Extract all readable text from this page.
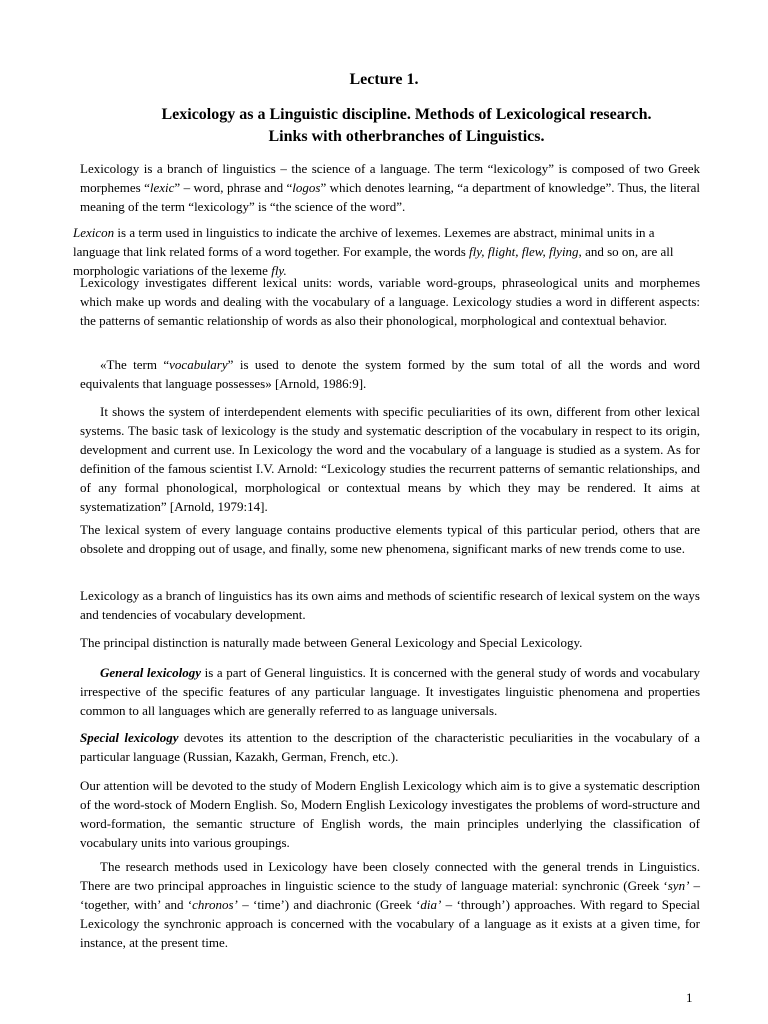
Lecture 1.
Lexicology as a Linguistic discipline. Methods of Lexicological research.
Links with otherbranches of Linguistics.

Lexicology is a branch of linguistics – the science of a language. The term “lexicology” is composed of two Greek morphemes “lexic” – word, phrase and “logos” which denotes learning, “a department of knowledge”. Thus, the literal meaning of the term “lexicology” is “the science of the word”.

Lexicon is a term used in linguistics to indicate the archive of lexemes. Lexemes are abstract, minimal units in a language that link related forms of a word together. For example, the words fly, flight, flew, flying, and so on, are all morphologic variations of the lexeme fly.

Lexicology investigates different lexical units: words, variable word-groups, phraseological units and morphemes which make up words and dealing with the vocabulary of a language. Lexicology studies a word in different aspects: the patterns of semantic relationship of words as also their phonological, morphological and contextual behavior.

«The term “vocabulary” is used to denote the system formed by the sum total of all the words and word equivalents that language possesses» [Arnold, 1986:9].

It shows the system of interdependent elements with specific peculiarities of its own, different from other lexical systems. The basic task of lexicology is the study and systematic description of the vocabulary in respect to its origin, development and current use. In Lexicology the word and the vocabulary of a language is studied as a system. As for definition of the famous scientist I.V. Arnold: “Lexicology studies the recurrent patterns of semantic relationships, and of any formal phonological, morphological or contextual means by which they may be rendered. It aims at systematization” [Arnold, 1979:14].

The lexical system of every language contains productive elements typical of this particular period, others that are obsolete and dropping out of usage, and finally, some new phenomena, significant marks of new trends come to use.

Lexicology as a branch of linguistics has its own aims and methods of scientific research of lexical system on the ways and tendencies of vocabulary development.

The principal distinction is naturally made between General Lexicology and Special Lexicology.

General lexicology is a part of General linguistics. It is concerned with the general study of words and vocabulary irrespective of the specific features of any particular language. It investigates linguistic phenomena and properties common to all languages which are generally referred to as language universals.

Special lexicology devotes its attention to the description of the characteristic peculiarities in the vocabulary of a particular language (Russian, Kazakh, German, French, etc.).

Our attention will be devoted to the study of Modern English Lexicology which aim is to give a systematic description of the word-stock of Modern English. So, Modern English Lexicology investigates the problems of word-structure and word-formation, the semantic structure of English words, the main principles underlying the classification of vocabulary units into various groupings.

The research methods used in Lexicology have been closely connected with the general trends in Linguistics. There are two principal approaches in linguistic science to the study of language material: synchronic (Greek ‘syn’ – ‘together, with’ and ‘chronos’ – ‘time’) and diachronic (Greek ‘dia’ – ‘through’) approaches. With regard to Special Lexicology the synchronic approach is concerned with the vocabulary of a language as it exists at a given time, for instance, at the present time.

1
